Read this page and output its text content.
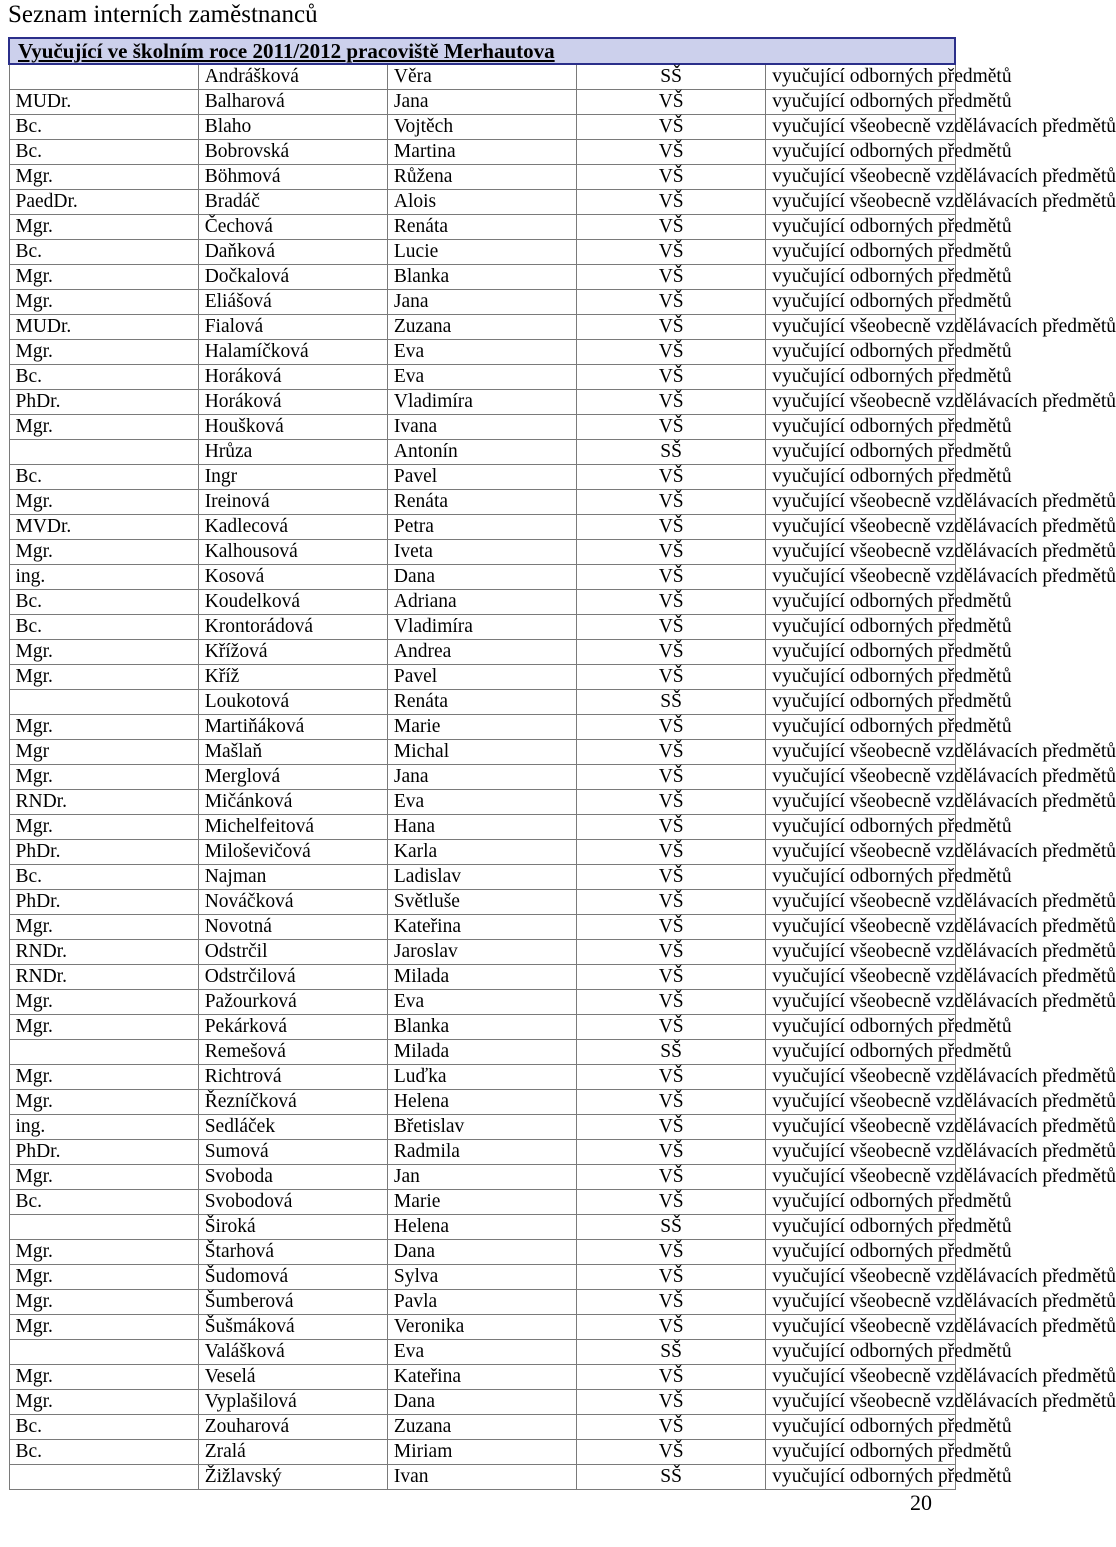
Seznam interních zaměstnanců
Vyučující ve školním roce 2011/2012 pracoviště Merhautova				
	Andrášková	Věra	SŠ	vyučující odborných předmětů
MUDr.	Balharová	Jana	VŠ	vyučující odborných předmětů
Bc.	Blaho	Vojtěch	VŠ	vyučující všeobecně vzdělávacích předmětů
Bc.	Bobrovská	Martina	VŠ	vyučující odborných předmětů
Mgr.	Böhmová	Růžena	VŠ	vyučující všeobecně vzdělávacích předmětů
PaedDr.	Bradáč	Alois	VŠ	vyučující všeobecně vzdělávacích předmětů
Mgr.	Čechová	Renáta	VŠ	vyučující odborných předmětů
Bc.	Daňková	Lucie	VŠ	vyučující odborných předmětů
Mgr.	Dočkalová	Blanka	VŠ	vyučující odborných předmětů
Mgr.	Eliášová	Jana	VŠ	vyučující odborných předmětů
MUDr.	Fialová	Zuzana	VŠ	vyučující všeobecně vzdělávacích předmětů
Mgr.	Halamíčková	Eva	VŠ	vyučující odborných předmětů
Bc.	Horáková	Eva	VŠ	vyučující odborných předmětů
PhDr.	Horáková	Vladimíra	VŠ	vyučující všeobecně vzdělávacích předmětů
Mgr.	Houšková	Ivana	VŠ	vyučující odborných předmětů
	Hrůza	Antonín	SŠ	vyučující odborných předmětů
Bc.	Ingr	Pavel	VŠ	vyučující odborných předmětů
Mgr.	Ireinová	Renáta	VŠ	vyučující všeobecně vzdělávacích předmětů
MVDr.	Kadlecová	Petra	VŠ	vyučující všeobecně vzdělávacích předmětů
Mgr.	Kalhousová	Iveta	VŠ	vyučující všeobecně vzdělávacích předmětů
ing.	Kosová	Dana	VŠ	vyučující všeobecně vzdělávacích předmětů
Bc.	Koudelková	Adriana	VŠ	vyučující odborných předmětů
Bc.	Krontorádová	Vladimíra	VŠ	vyučující odborných předmětů
Mgr.	Křížová	Andrea	VŠ	vyučující odborných předmětů
Mgr.	Kříž	Pavel	VŠ	vyučující odborných předmětů
	Loukotová	Renáta	SŠ	vyučující odborných předmětů
Mgr.	Martiňáková	Marie	VŠ	vyučující odborných předmětů
Mgr	Mašlaň	Michal	VŠ	vyučující všeobecně vzdělávacích předmětů
Mgr.	Merglová	Jana	VŠ	vyučující všeobecně vzdělávacích předmětů
RNDr.	Mičánková	Eva	VŠ	vyučující všeobecně vzdělávacích předmětů
Mgr.	Michelfeitová	Hana	VŠ	vyučující odborných předmětů
PhDr.	Miloševičová	Karla	VŠ	vyučující všeobecně vzdělávacích předmětů
Bc.	Najman	Ladislav	VŠ	vyučující odborných předmětů
PhDr.	Nováčková	Světluše	VŠ	vyučující všeobecně vzdělávacích předmětů
Mgr.	Novotná	Kateřina	VŠ	vyučující všeobecně vzdělávacích předmětů
RNDr.	Odstrčil	Jaroslav	VŠ	vyučující všeobecně vzdělávacích předmětů
RNDr.	Odstrčilová	Milada	VŠ	vyučující všeobecně vzdělávacích předmětů
Mgr.	Pažourková	Eva	VŠ	vyučující všeobecně vzdělávacích předmětů
Mgr.	Pekárková	Blanka	VŠ	vyučující odborných předmětů
	Remešová	Milada	SŠ	vyučující odborných předmětů
Mgr.	Richtrová	Luďka	VŠ	vyučující všeobecně vzdělávacích předmětů
Mgr.	Řezníčková	Helena	VŠ	vyučující všeobecně vzdělávacích předmětů
ing.	Sedláček	Břetislav	VŠ	vyučující všeobecně vzdělávacích předmětů
PhDr.	Sumová	Radmila	VŠ	vyučující všeobecně vzdělávacích předmětů
Mgr.	Svoboda	Jan	VŠ	vyučující všeobecně vzdělávacích předmětů
Bc.	Svobodová	Marie	VŠ	vyučující odborných předmětů
	Široká	Helena	SŠ	vyučující odborných předmětů
Mgr.	Štarhová	Dana	VŠ	vyučující odborných předmětů
Mgr.	Šudomová	Sylva	VŠ	vyučující všeobecně vzdělávacích předmětů
Mgr.	Šumberová	Pavla	VŠ	vyučující všeobecně vzdělávacích předmětů
Mgr.	Šušmáková	Veronika	VŠ	vyučující všeobecně vzdělávacích předmětů
	Valášková	Eva	SŠ	vyučující odborných předmětů
Mgr.	Veselá	Kateřina	VŠ	vyučující všeobecně vzdělávacích předmětů
Mgr.	Vyplašilová	Dana	VŠ	vyučující všeobecně vzdělávacích předmětů
Bc.	Zouharová	Zuzana	VŠ	vyučující odborných předmětů
Bc.	Zralá	Miriam	VŠ	vyučující odborných předmětů
	Žižlavský	Ivan	SŠ	vyučující odborných předmětů
20
